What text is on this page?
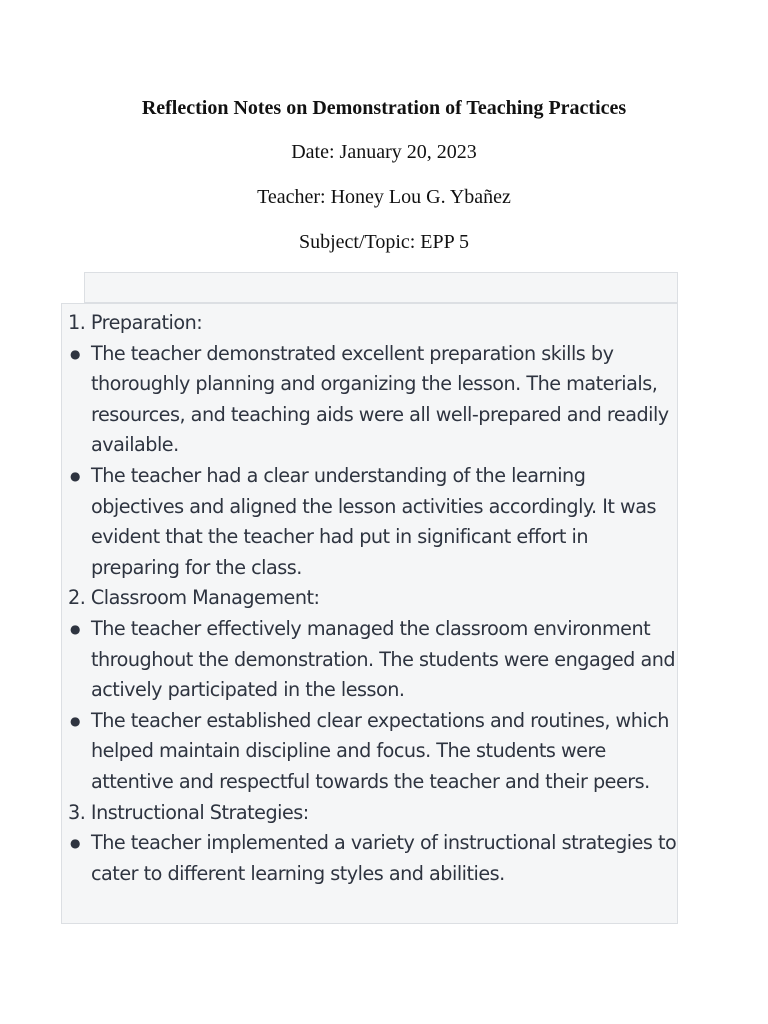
Reflection Notes on Demonstration of Teaching Practices

Date: January 20, 2023

Teacher: Honey Lou G. Ybañez

Subject/Topic: EPP 5

1. Preparation:

● The teacher demonstrated excellent preparation skills by thoroughly planning and organizing the lesson. The materials, resources, and teaching aids were all well-prepared and readily available.
● The teacher had a clear understanding of the learning objectives and aligned the lesson activities accordingly. It was evident that the teacher had put in significant effort in preparing for the class.

2. Classroom Management:

● The teacher effectively managed the classroom environment throughout the demonstration. The students were engaged and actively participated in the lesson.
● The teacher established clear expectations and routines, which helped maintain discipline and focus. The students were attentive and respectful towards the teacher and their peers.

3. Instructional Strategies:

● The teacher implemented a variety of instructional strategies to cater to different learning styles and abilities.
